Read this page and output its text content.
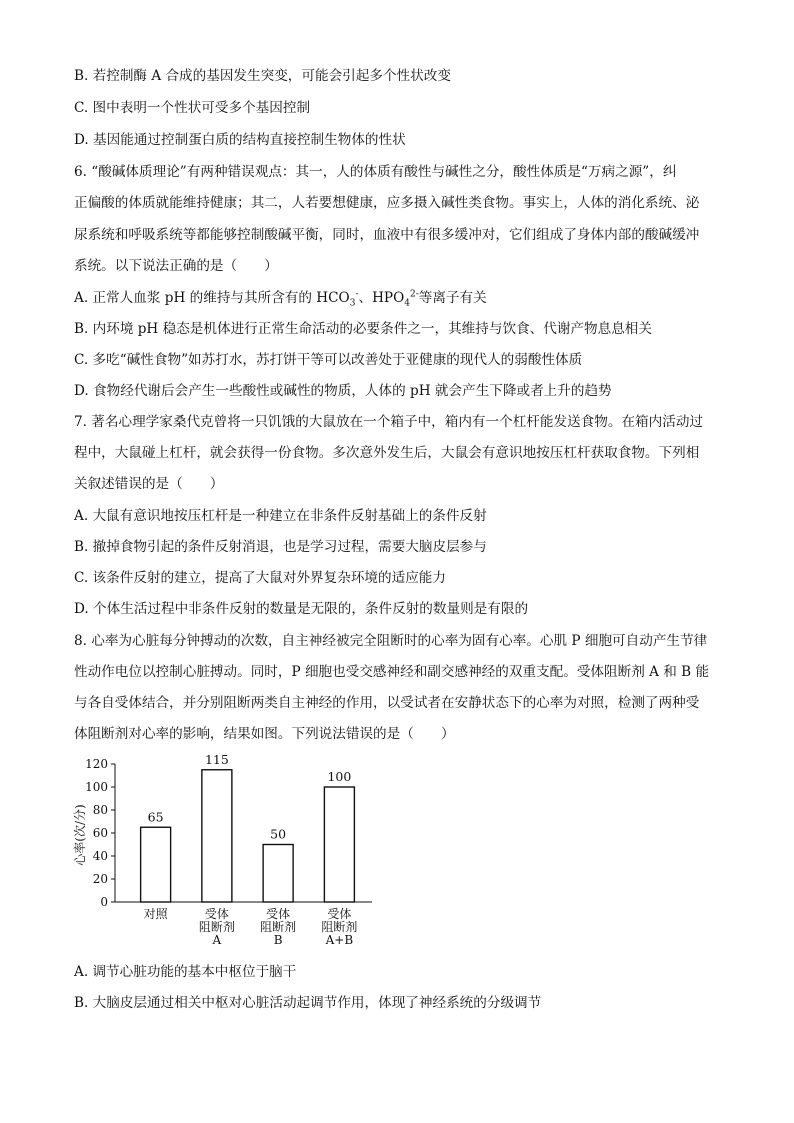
B. 若控制酶 A 合成的基因发生突变，可能会引起多个性状改变
C. 图中表明一个性状可受多个基因控制
D. 基因能通过控制蛋白质的结构直接控制生物体的性状
6. “酸碱体质理论”有两种错误观点：其一，人的体质有酸性与碱性之分，酸性体质是“万病之源”，纠
正偏酸的体质就能维持健康；其二，人若要想健康，应多摄入碱性类食物。事实上，人体的消化系统、泌
尿系统和呼吸系统等都能够控制酸碱平衡，同时，血液中有很多缓冲对，它们组成了身体内部的酸碱缓冲
系统。以下说法正确的是（　　）
A. 正常人血浆 pH 的维持与其所含有的 $HCO_3^-$、$HPO_4^{2-}$等离子有关
B. 内环境 pH 稳态是机体进行正常生命活动的必要条件之一，其维持与饮食、代谢产物息息相关
C. 多吃“碱性食物”如苏打水，苏打饼干等可以改善处于亚健康的现代人的弱酸性体质
D. 食物经代谢后会产生一些酸性或碱性的物质，人体的 pH 就会产生下降或者上升的趋势
7. 著名心理学家桑代克曾将一只饥饿的大鼠放在一个箱子中，箱内有一个杠杆能发送食物。在箱内活动过
程中，大鼠碰上杠杆，就会获得一份食物。多次意外发生后，大鼠会有意识地按压杠杆获取食物。下列相
关叙述错误的是（　　）
A. 大鼠有意识地按压杠杆是一种建立在非条件反射基础上的条件反射
B. 撤掉食物引起的条件反射消退，也是学习过程，需要大脑皮层参与
C. 该条件反射的建立，提高了大鼠对外界复杂环境的适应能力
D. 个体生活过程中非条件反射的数量是无限的，条件反射的数量则是有限的
8. 心率为心脏每分钟搏动的次数，自主神经被完全阻断时的心率为固有心率。心肌 P 细胞可自动产生节律
性动作电位以控制心脏搏动。同时，P 细胞也受交感神经和副交感神经的双重支配。受体阻断剂 A 和 B 能
与各自受体结合，并分别阻断两类自主神经的作用，以受试者在安静状态下的心率为对照，检测了两种受
体阻断剂对心率的影响，结果如图。下列说法错误的是（　　）
0
20
40
60
80
100
120
心率(次/分)	65
对照
115
受体
阻断剂
A
50
受体
阻断剂
B
100
受体
阻断剂
A+B
A. 调节心脏功能的基本中枢位于脑干
B. 大脑皮层通过相关中枢对心脏活动起调节作用，体现了神经系统的分级调节
